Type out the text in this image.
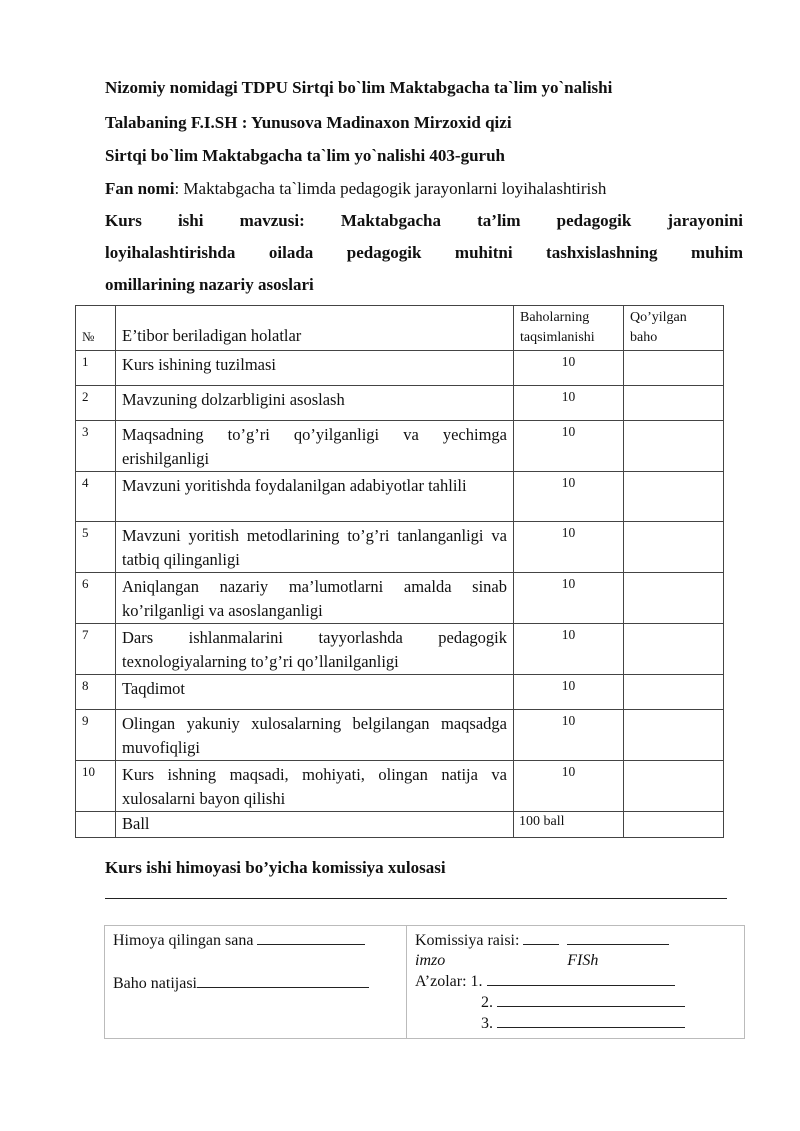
Nizomiy nomidagi TDPU Sirtqi bo`lim Maktabgacha ta`lim yo`nalishi
Talabaning F.I.SH : Yunusova Madinaxon Mirzoxid qizi
Sirtqi bo`lim Maktabgacha ta`lim yo`nalishi 403-guruh
Fan nomi: Maktabgacha ta`limda pedagogik jarayonlarni loyihalashtirish
Kurs ishi mavzusi: Maktabgacha ta’lim pedagogik jarayonini
loyihalashtirishda oilada pedagogik muhitni tashxislashning muhim
omillarining nazariy asoslari
№	E’tibor beriladigan holatlar	Baholarning
taqsimlanishi	Qo’yilgan
baho

1	Kurs ishining tuzilmasi	10	
2	Mavzuning dolzarbligini asoslash	10	
3	Maqsadning to’g’ri qo’yilganligi va yechimga erishilganligi	10	
4	Mavzuni yoritishda foydalanilgan adabiyotlar tahlili	10	
5	Mavzuni yoritish metodlarining to’g’ri tanlanganligi va tatbiq qilinganligi	10	
6	Aniqlangan nazariy ma’lumotlarni amalda sinab ko’rilganligi va asoslanganligi	10	
7	Dars ishlanmalarini tayyorlashda pedagogik texnologiyalarning to’g’ri qo’llanilganligi	10	
8	Taqdimot	10	
9	Olingan yakuniy xulosalarning belgilangan maqsadga muvofiqligi	10	
10	Kurs ishning maqsadi, mohiyati, olingan natija va xulosalarni bayon qilishi	10	
	Ball	100 ball	
Kurs ishi himoyasi bo’yicha komissiya xulosasi
Himoya qilingan sana
Baho natijasi

Komissiya raisi:
imzo	FISh
A’zolar: 1.
2.
3.
